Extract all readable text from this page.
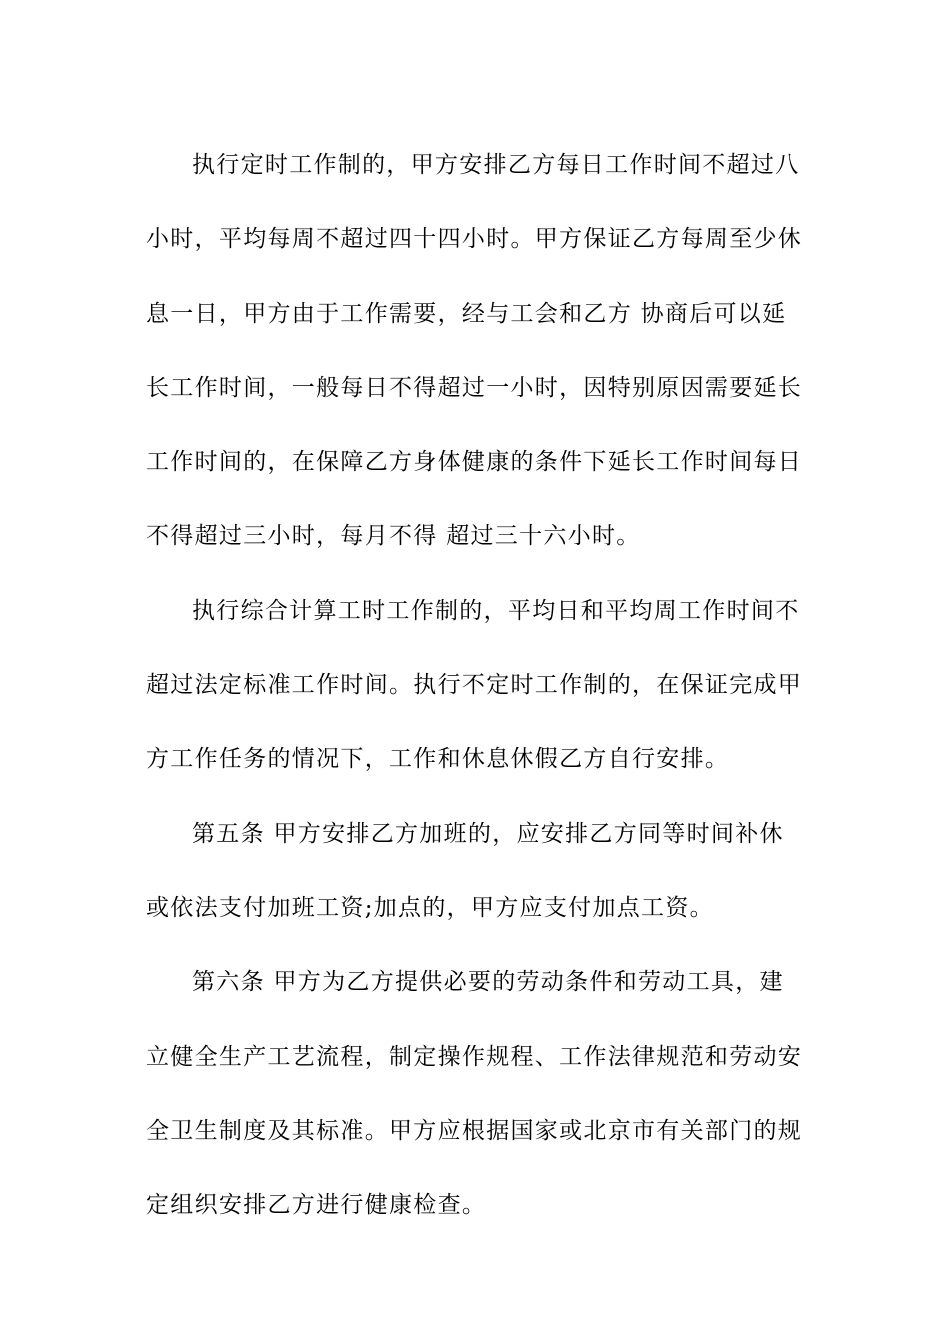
执行定时工作制的，甲方安排乙方每日工作时间不超过八小时，平均每周不超过四十四小时。甲方保证乙方每周至少休息一日，甲方由于工作需要，经与工会和乙方 协商后可以延长工作时间，一般每日不得超过一小时，因特别原因需要延长工作时间的，在保障乙方身体健康的条件下延长工作时间每日不得超过三小时，每月不得 超过三十六小时。

执行综合计算工时工作制的，平均日和平均周工作时间不超过法定标准工作时间。执行不定时工作制的，在保证完成甲方工作任务的情况下，工作和休息休假乙方自行安排。

第五条 甲方安排乙方加班的，应安排乙方同等时间补休或依法支付加班工资;加点的，甲方应支付加点工资。

第六条 甲方为乙方提供必要的劳动条件和劳动工具，建立健全生产工艺流程，制定操作规程、工作法律规范和劳动安全卫生制度及其标准。甲方应根据国家或北京市有关部门的规定组织安排乙方进行健康检查。
